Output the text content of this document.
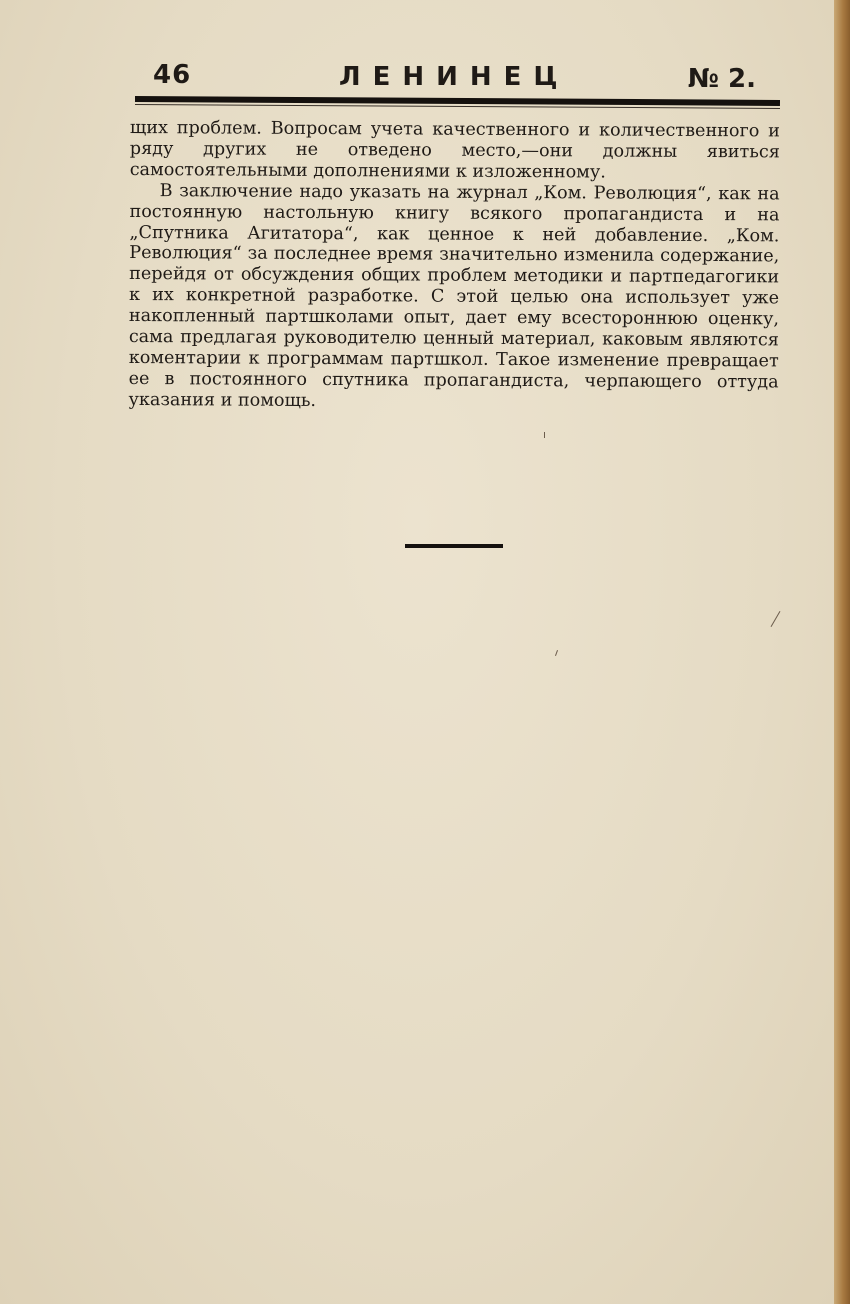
46	ЛЕНИНЕЦ	№ 2.

щих проблем. Вопросам учета качественного и количественного и ряду других не отведено место,—они должны явиться самостоятельными дополнениями к изложенному.

В заключение надо указать на журнал „Ком. Революция“, как на постоянную настольную книгу всякого пропагандиста и на „Спутника Агитатора“, как ценное к ней добавление. „Ком. Революция“ за последнее время значительно изменила содержание, перейдя от обсуждения общих проблем методики и партпедагогики к их конкретной разработке. С этой целью она использует уже накопленный партшколами опыт, дает ему всестороннюю оценку, сама предлагая руководителю ценный материал, каковым являются коментарии к программам партшкол. Такое изменение превращает ее в постоянного спутника пропагандиста, черпающего оттуда указания и помощь.
